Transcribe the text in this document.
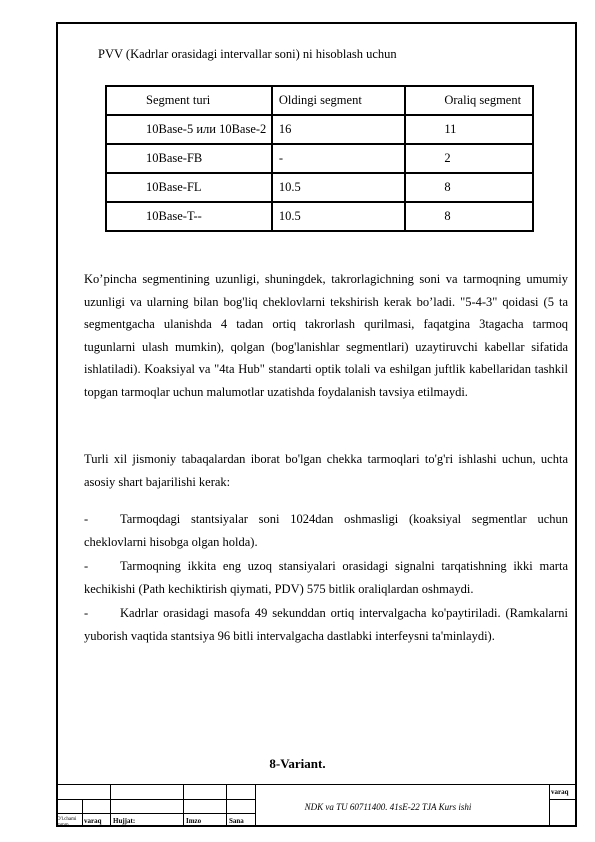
PVV (Kadrlar orasidagi intervallar soni) ni hisoblash uchun
Segment turi	Oldingi segment	Oraliq segment
10Base-5 или 10Base-2	16	11
10Base-FB	-	2
10Base-FL	10.5	8
10Base-T--	10.5	8
Ko’pincha segmentining uzunligi, shuningdek, takrorlagichning soni va tarmoqning umumiy uzunligi va ularning bilan bog'liq cheklovlarni tekshirish kerak bo’ladi. "5-4-3" qoidasi (5 ta segmentgacha ulanishda 4 tadan ortiq takrorlash qurilmasi, faqatgina 3tagacha tarmoq tugunlarni ulash mumkin), qolgan (bog'lanishlar segmentlari) uzaytiruvchi kabellar sifatida ishlatiladi). Koaksiyal va "4ta Hub" standarti optik tolali va eshilgan juftlik kabellaridan tashkil topgan tarmoqlar uchun malumotlar uzatishda foydalanish tavsiya etilmaydi.
Turli xil jismoniy tabaqalardan iborat bo'lgan chekka tarmoqlari to'g'ri ishlashi uchun, uchta asosiy shart bajarilishi kerak:
-	Tarmoqdagi stantsiyalar soni 1024dan oshmasligi (koaksiyal segmentlar uchun cheklovlarni hisobga olgan holda).
-	Tarmoqning ikkita eng uzoq stansiyalari orasidagi signalni tarqatishning ikki marta kechikishi (Path kechiktirish qiymati, PDV) 575 bitlik oraliqlardan oshmaydi.
-	Kadrlar orasidagi masofa 49 sekunddan ortiq intervalgacha ko'paytiriladi. (Ramkalarni yuborish vaqtida stantsiya 96 bitli intervalgacha dastlabki interfeysni ta'minlaydi).
8-Variant.
O'l.chami
mmm
varaq Hujjat:	Imzo	Sana
varaq
NDK va TU 60711400. 41sE-22 TJA Kurs ishi
